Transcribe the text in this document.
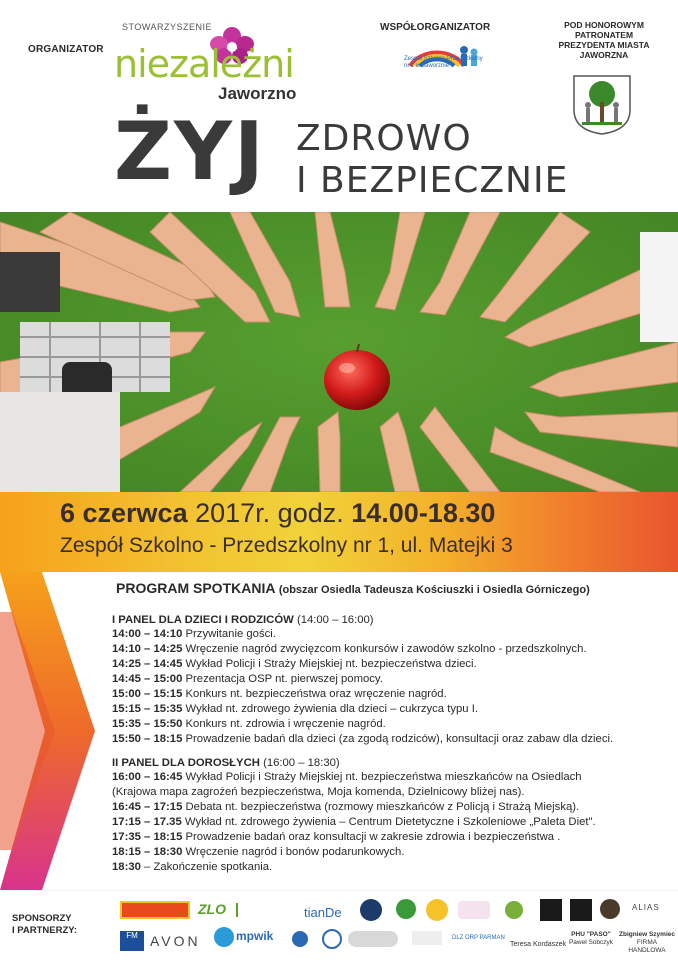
ORGANIZATOR
STOWARZYSZENIE
niezależni
Jaworzno
WSPÓŁORGANIZATOR
Zespół Szkolno-Przedszkolny nr 1 w Jaworznie
POD HONOROWYM
PATRONATEM
PREZYDENTA MIASTA
JAWORZNA
ŻYJ ZDROWO
I BEZPIECZNIE
6 czerwca 2017r. godz. 14.00-18.30
Zespół Szkolno - Przedszkolny nr 1, ul. Matejki 3
PROGRAM SPOTKANIA (obszar Osiedla Tadeusza Kościuszki i Osiedla Górniczego)
I PANEL DLA DZIECI I RODZICÓW (14:00 – 16:00)
14:00 – 14:10 Przywitanie gości.
14:10 – 14:25 Wręczenie nagród zwycięzcom konkursów i zawodów szkolno - przedszkolnych.
14:25 – 14:45 Wykład Policji i Straży Miejskiej nt. bezpieczeństwa dzieci.
14:45 – 15:00 Prezentacja OSP nt. pierwszej pomocy.
15:00 – 15:15 Konkurs nt. bezpieczeństwa oraz wręczenie nagród.
15:15 – 15:35 Wykład nt. zdrowego żywienia dla dzieci – cukrzyca typu I.
15:35 – 15:50 Konkurs nt. zdrowia i wręczenie nagród.
15:50 – 18:15 Prowadzenie badań dla dzieci (za zgodą rodziców), konsultacji oraz zabaw dla dzieci.
II PANEL DLA DOROSŁYCH (16:00 – 18:30)
16:00 – 16:45 Wykład Policji i Straży Miejskiej nt. bezpieczeństwa mieszkańców na Osiedlach
(Krajowa mapa zagrożeń bezpieczeństwa, Moja komenda, Dzielnicowy bliżej nas).
16:45 – 17:15 Debata nt. bezpieczeństwa (rozmowy mieszkańców z Policją i Strażą Miejską).
17:15 – 17.35 Wykład nt. zdrowego żywienia – Centrum Dietetyczne i Szkoleniowe „Paleta Diet".
17:35 – 18:15 Prowadzenie badań oraz konsultacji w zakresie zdrowia i bezpieczeństwa .
18:15 – 18:30 Wręczenie nagród i bonów podarunkowych.
18:30 – Zakończenie spotkania.
SPONSORZY
I PARTNERZY:
ZLO	tianDe	ALIAS
FM AVON	mpwik	DLZ ORP PARMAN
Teresa Kordaszek
PHU "PASO"
Paweł Sobczyk
Zbigniew Szymiec
FIRMA HANDLOWA
